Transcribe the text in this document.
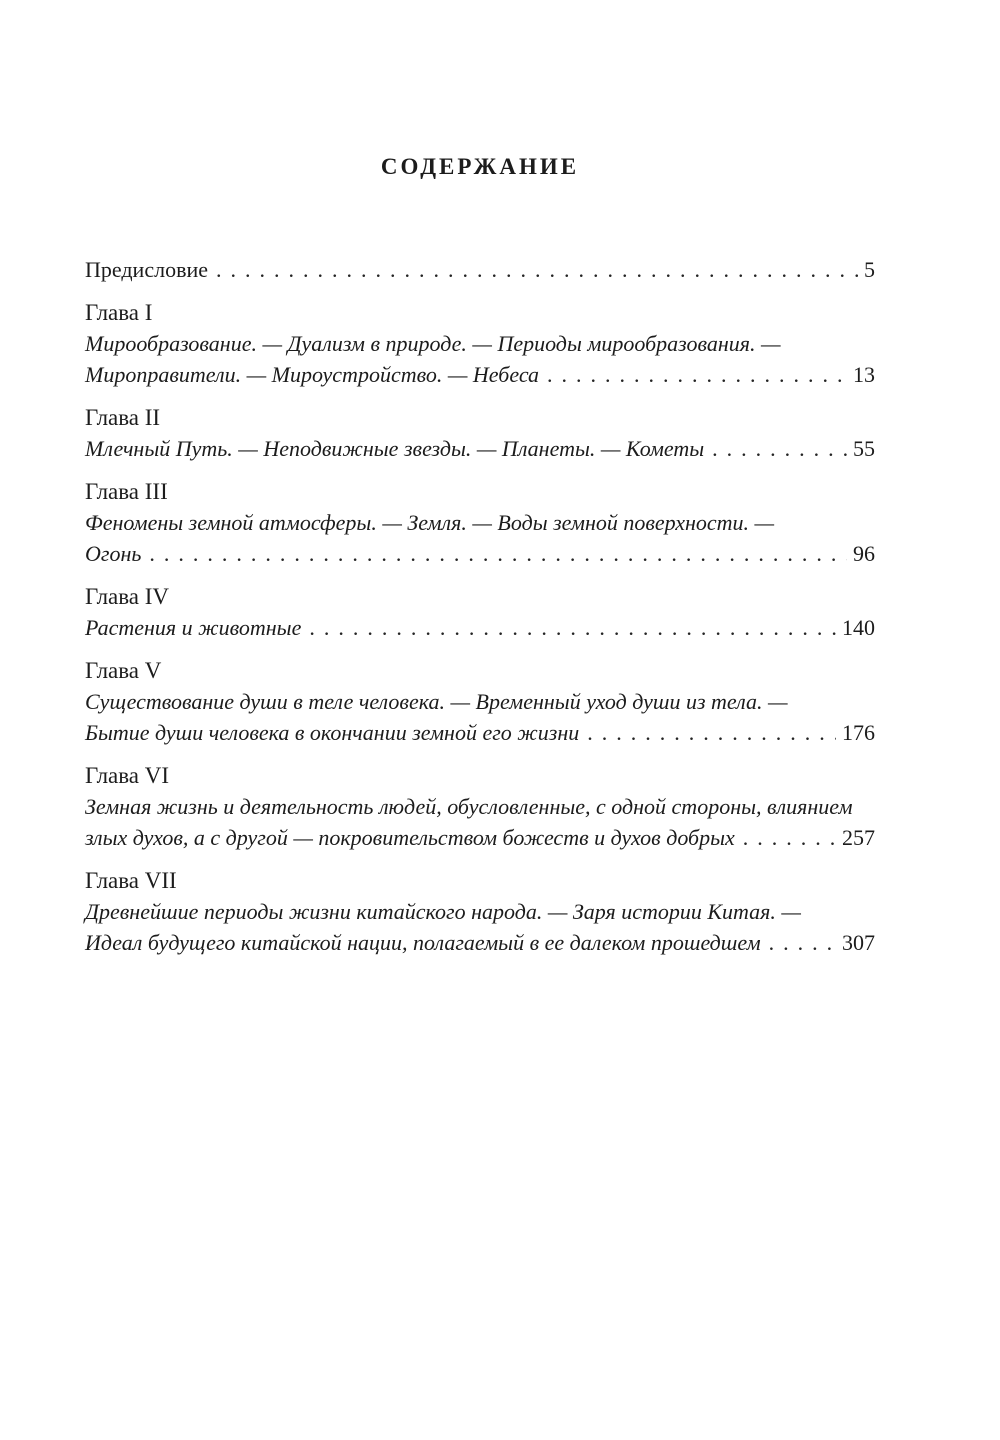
СОДЕРЖАНИЕ
Предисловие .....	5
Глава I
Мирообразование. — Дуализм в природе. — Периоды мирообразования. —
Мироправители. — Мироустройство. — Небеса .....	13
Глава II
Млечный Путь. — Неподвижные звезды. — Планеты. — Кометы .....	55
Глава III
Феномены земной атмосферы. — Земля. — Воды земной поверхности. —
Огонь .....	96
Глава IV
Растения и животные .....	140
Глава V
Существование души в теле человека. — Временный уход души из тела. —
Бытие души человека в окончании земной его жизни .....	176
Глава VI
Земная жизнь и деятельность людей, обусловленные, с одной стороны, влиянием
злых духов, а с другой — покровительством божеств и духов добрых .....	257
Глава VII
Древнейшие периоды жизни китайского народа. — Заря истории Китая. —
Идеал будущего китайской нации, полагаемый в ее далеком прошедшем .....	307
